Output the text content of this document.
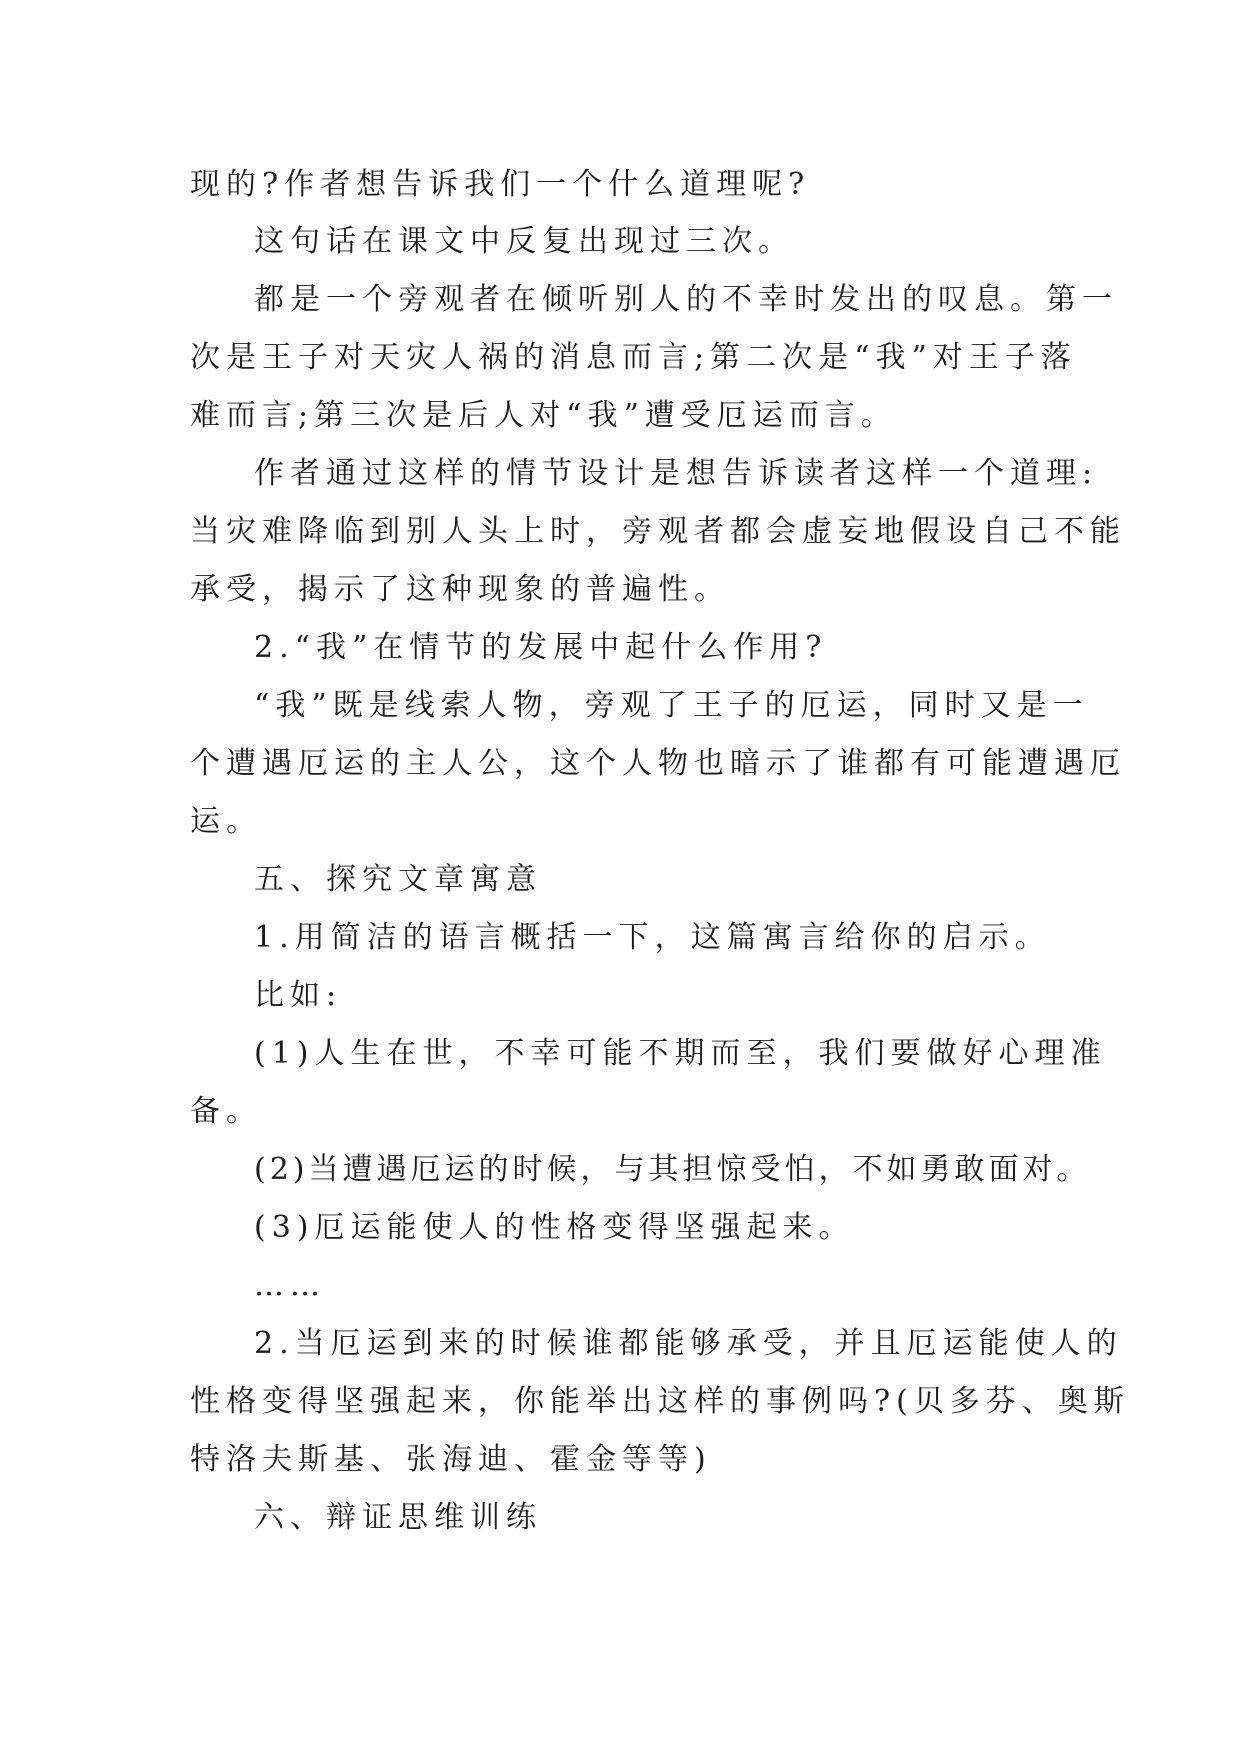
现的?作者想告诉我们一个什么道理呢?
这句话在课文中反复出现过三次。
都是一个旁观者在倾听别人的不幸时发出的叹息。第一
次是王子对天灾人祸的消息而言;第二次是“我”对王子落
难而言;第三次是后人对“我”遭受厄运而言。
作者通过这样的情节设计是想告诉读者这样一个道理:
当灾难降临到别人头上时，旁观者都会虚妄地假设自己不能
承受，揭示了这种现象的普遍性。
2.“我”在情节的发展中起什么作用?
“我”既是线索人物，旁观了王子的厄运，同时又是一
个遭遇厄运的主人公，这个人物也暗示了谁都有可能遭遇厄
运。
五、探究文章寓意
1.用简洁的语言概括一下，这篇寓言给你的启示。
比如:
(1)人生在世，不幸可能不期而至，我们要做好心理准
备。
(2)当遭遇厄运的时候，与其担惊受怕，不如勇敢面对。
(3)厄运能使人的性格变得坚强起来。
……
2.当厄运到来的时候谁都能够承受，并且厄运能使人的
性格变得坚强起来，你能举出这样的事例吗?(贝多芬、奥斯
特洛夫斯基、张海迪、霍金等等)
六、辩证思维训练
